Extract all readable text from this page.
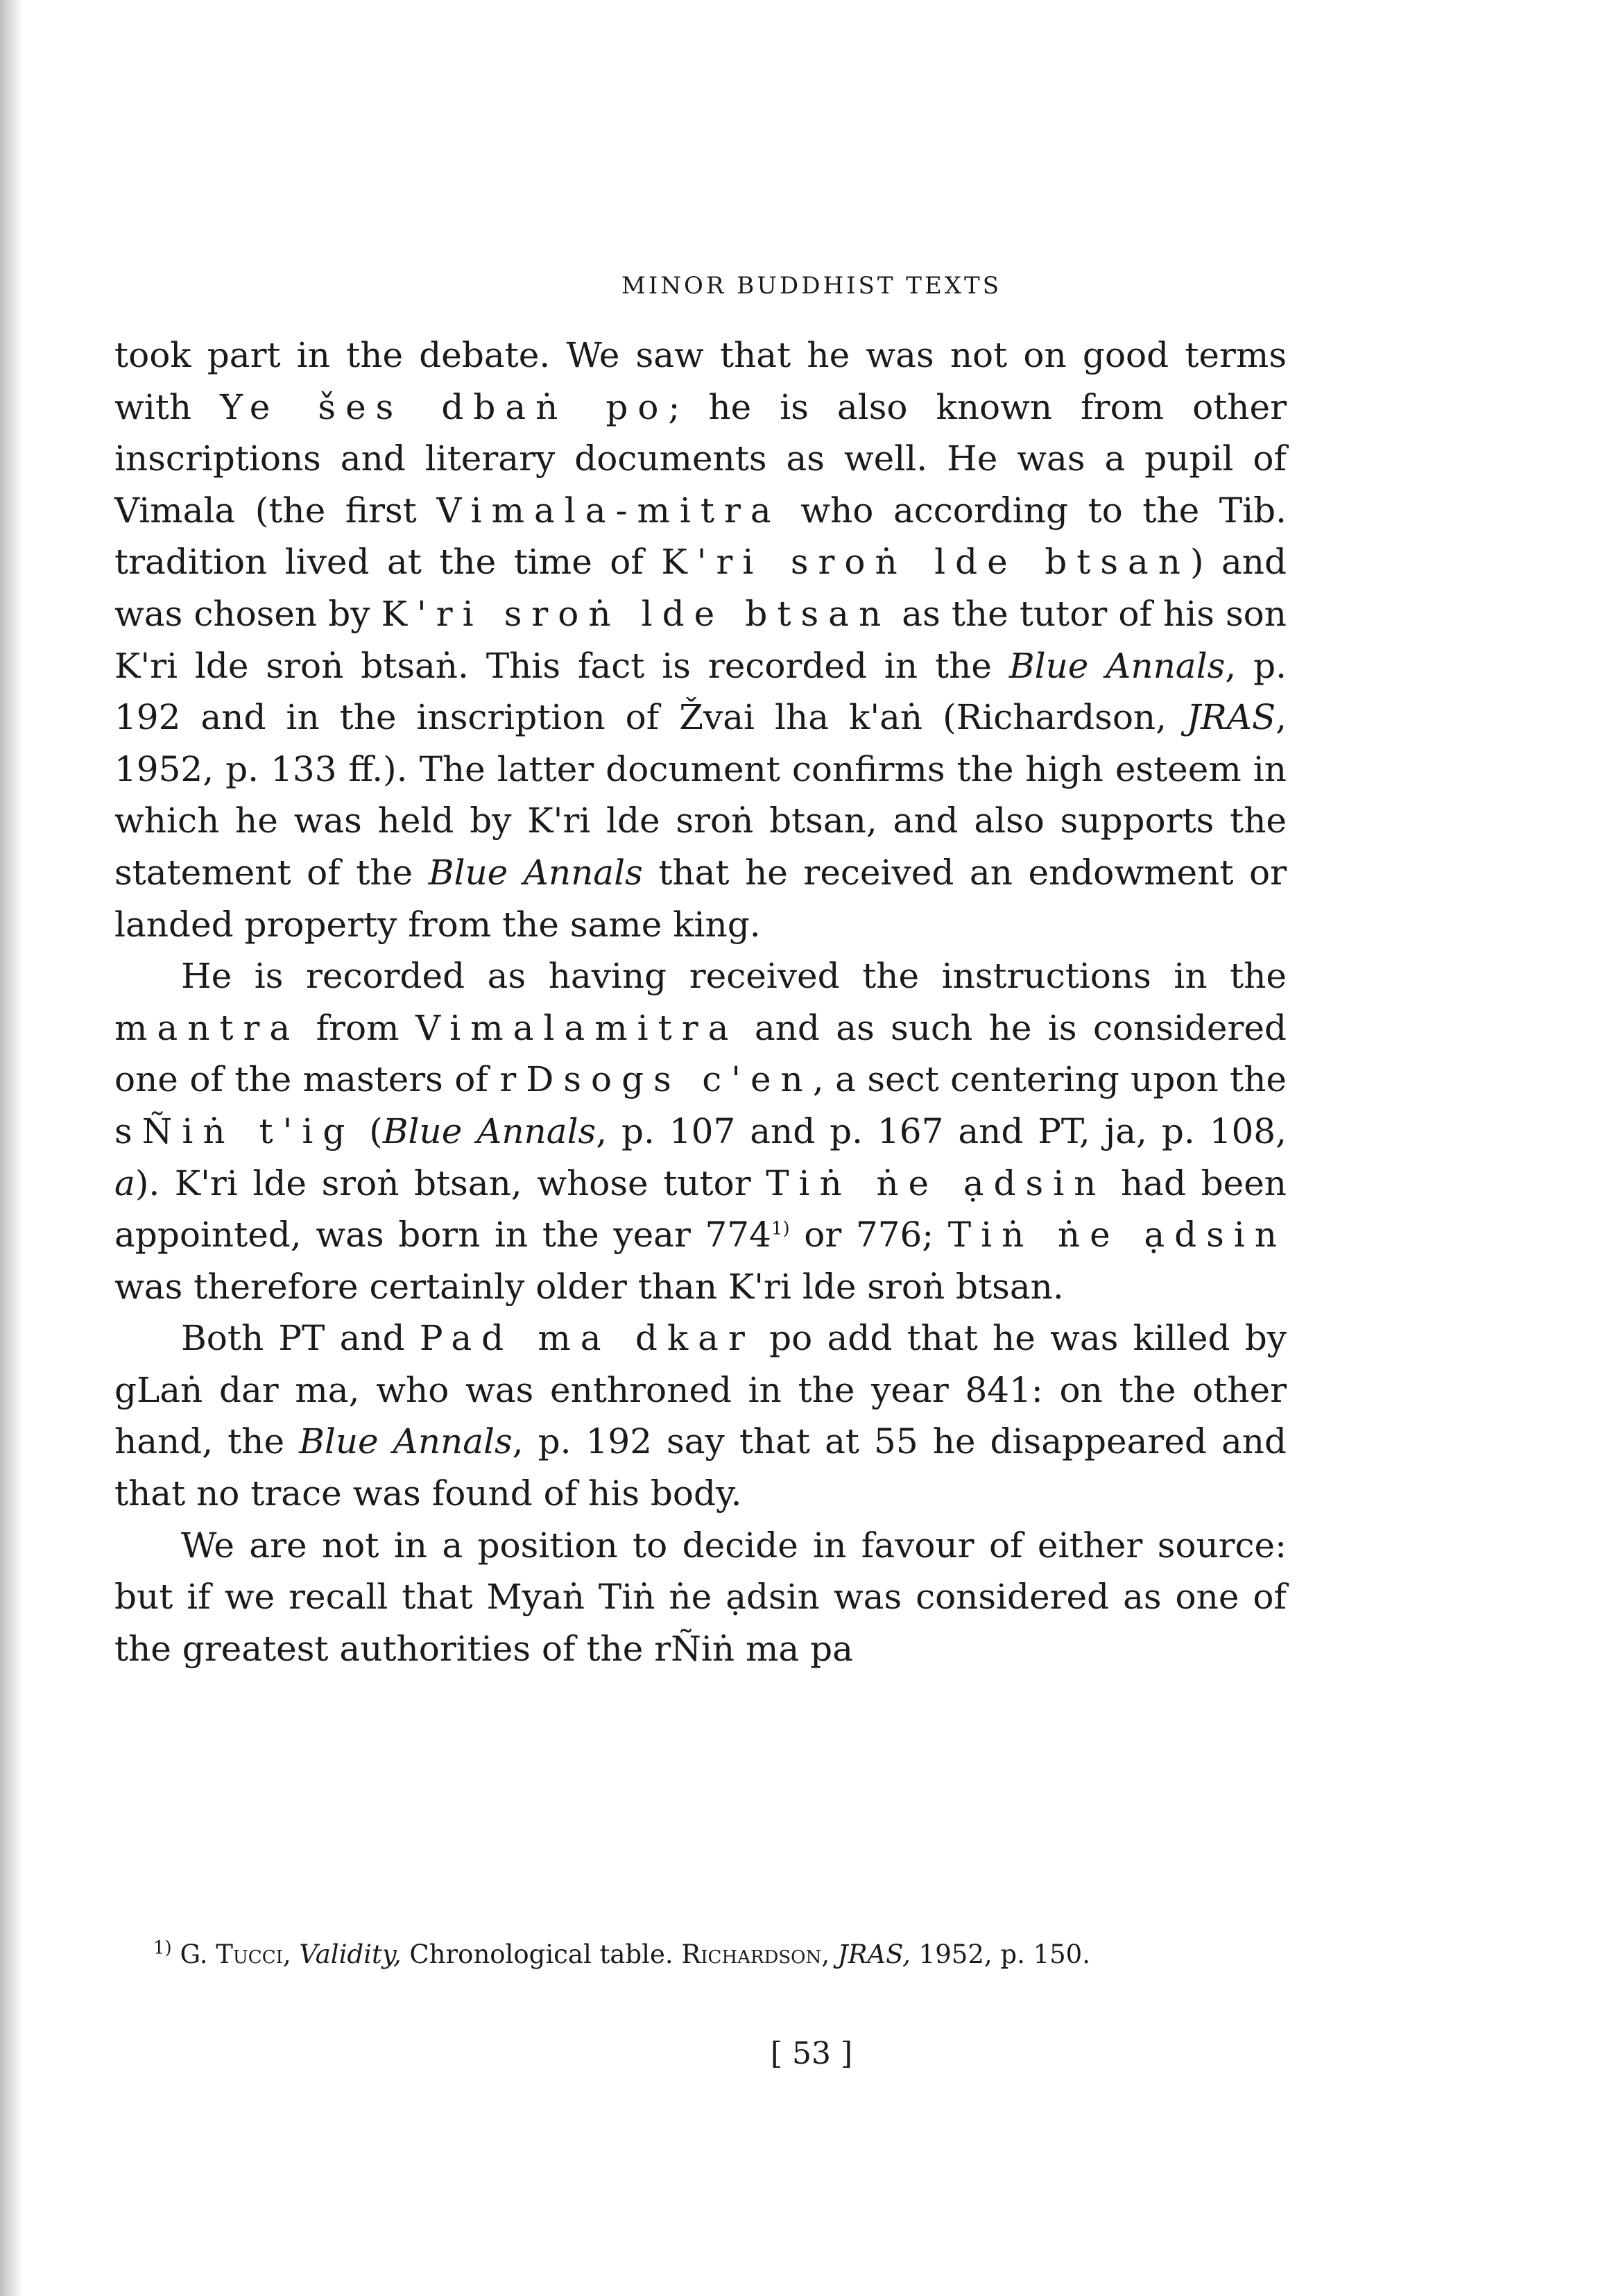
MINOR BUDDHIST TEXTS

took part in the debate. We saw that he was not on good terms with Ye šes dbaṅ po; he is also known from other inscriptions and literary documents as well. He was a pupil of Vimala (the first Vimala-mitra who according to the Tib. tradition lived at the time of K'ri sroṅ lde btsan) and was chosen by K'ri sroṅ lde btsan as the tutor of his son K'ri lde sroṅ btsaṅ. This fact is recorded in the Blue Annals, p. 192 and in the inscription of Žvai lha k'aṅ (Richardson, JRAS, 1952, p. 133 ff.). The latter document confirms the high esteem in which he was held by K'ri lde sroṅ btsan, and also supports the statement of the Blue Annals that he received an endowment or landed property from the same king.

He is recorded as having received the instructions in the mantra from Vimalamitra and as such he is considered one of the masters of rDsogs c'en, a sect centering upon the sÑiṅ t'ig (Blue Annals, p. 107 and p. 167 and PT, ja, p. 108, a). K'ri lde sroṅ btsan, whose tutor Tiṅ ṅe ạdsin had been appointed, was born in the year 774$^{1)}$ or 776; Tiṅ ṅe ạdsin was therefore certainly older than K'ri lde sroṅ btsan.

Both PT and Pad ma dkar po add that he was killed by gLaṅ dar ma, who was enthroned in the year 841: on the other hand, the Blue Annals, p. 192 say that at 55 he disappeared and that no trace was found of his body.

We are not in a position to decide in favour of either source: but if we recall that Myaṅ Tiṅ ṅe ạdsin was considered as one of the greatest authorities of the rÑiṅ ma pa

$^{1)}$ G. Tucci, Validity, Chronological table. Richardson, JRAS, 1952, p. 150.

[ 53 ]
